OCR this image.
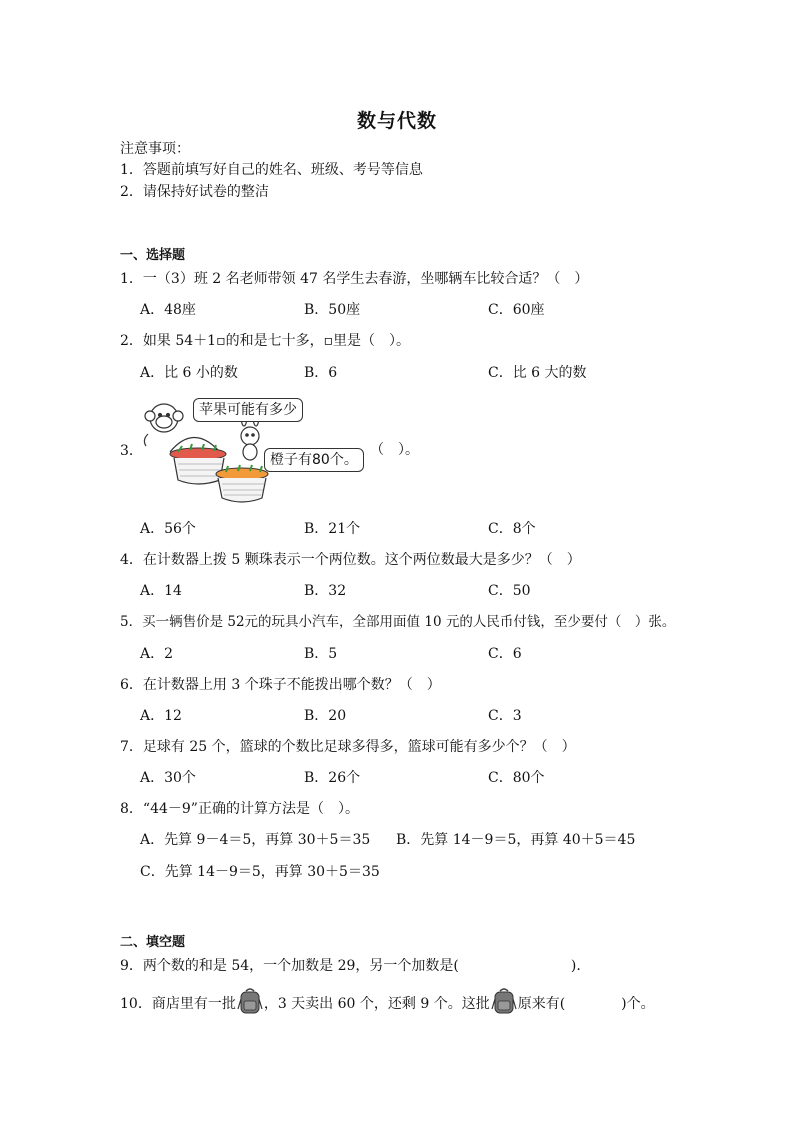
数与代数
注意事项：
1．答题前填写好自己的姓名、班级、考号等信息
2．请保持好试卷的整洁
一、选择题
1．一（3）班 2 名老师带领 47 名学生去春游，坐哪辆车比较合适？（　）
A．48座	B．50座	C．60座
2．如果 54＋1▫的和是七十多，▫里是（　）。
A．比 6 小的数	B．6	C．比 6 大的数
3．
苹果可能有多少
橙子有80个。
（　）。
A．56个	B．21个	C．8个
4．在计数器上拨 5 颗珠表示一个两位数。这个两位数最大是多少？（　）
A．14	B．32	C．50
5．买一辆售价是 52元的玩具小汽车，全部用面值 10 元的人民币付钱，至少要付（　）张。
A．2	B．5	C．6
6．在计数器上用 3 个珠子不能拨出哪个数？（　）
A．12	B．20	C．3
7．足球有 25 个，篮球的个数比足球多得多，篮球可能有多少个？（　）
A．30个	B．26个	C．80个
8．“44－9”正确的计算方法是（　）。
A．先算 9－4＝5，再算 30＋5＝35 B．先算 14－9＝5，再算 40＋5＝45
C．先算 14－9＝5，再算 30＋5＝35
二、填空题
9．两个数的和是 54，一个加数是 29，另一个加数是(　　　　　　　　).
10．商店里有一批 ，3 天卖出 60 个，还剩 9 个。这批 原来有(　　　　)个。
